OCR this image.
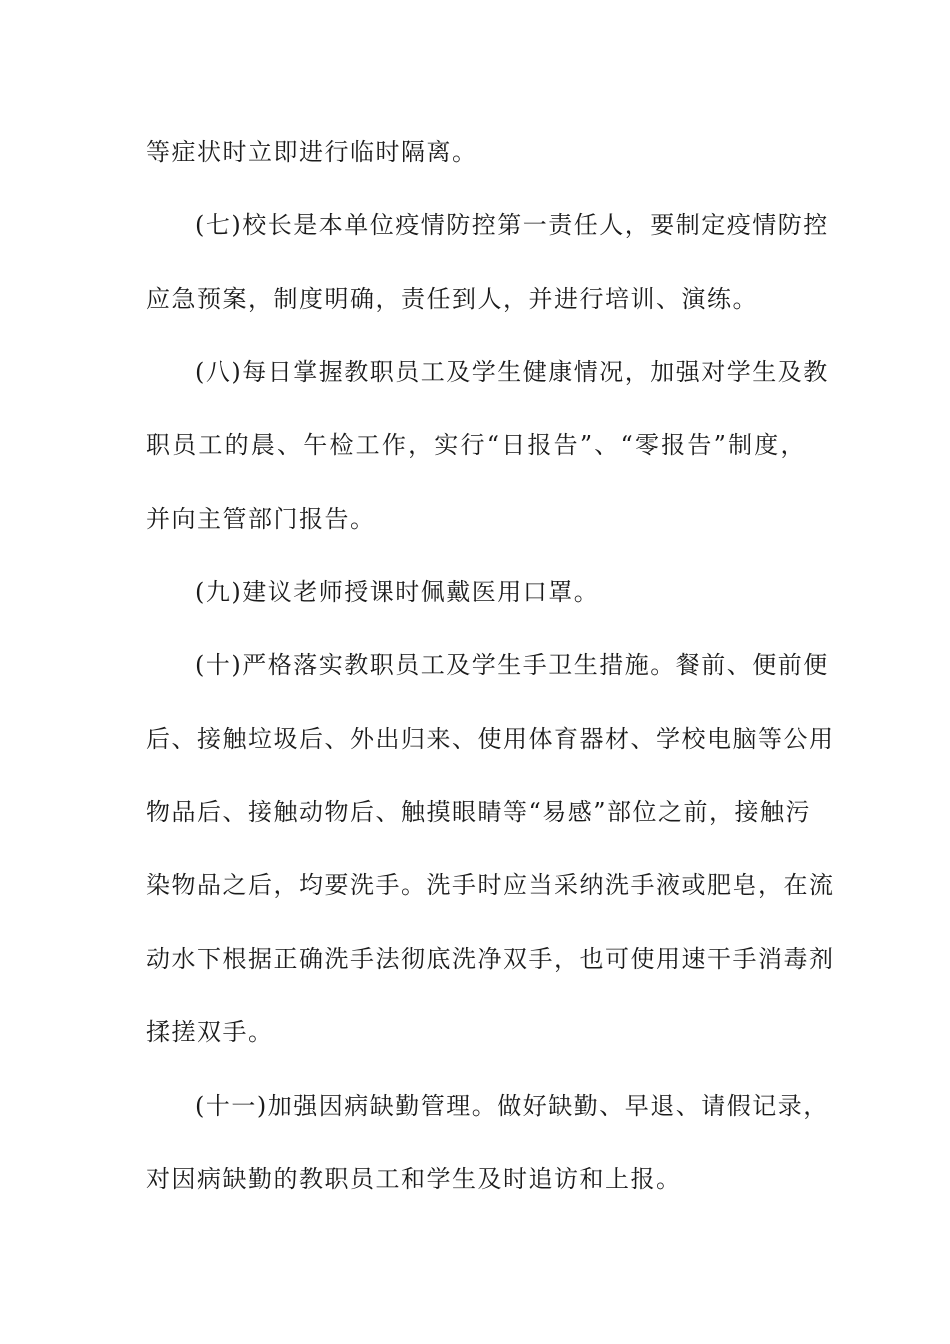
等症状时立即进行临时隔离。
(七)校长是本单位疫情防控第一责任人，要制定疫情防控
应急预案，制度明确，责任到人，并进行培训、演练。
(八)每日掌握教职员工及学生健康情况，加强对学生及教
职员工的晨、午检工作，实行“日报告”、“零报告”制度，
并向主管部门报告。
(九)建议老师授课时佩戴医用口罩。
(十)严格落实教职员工及学生手卫生措施。餐前、便前便
后、接触垃圾后、外出归来、使用体育器材、学校电脑等公用
物品后、接触动物后、触摸眼睛等“易感”部位之前，接触污
染物品之后，均要洗手。洗手时应当采纳洗手液或肥皂，在流
动水下根据正确洗手法彻底洗净双手，也可使用速干手消毒剂
揉搓双手。
(十一)加强因病缺勤管理。做好缺勤、早退、请假记录，
对因病缺勤的教职员工和学生及时追访和上报。
